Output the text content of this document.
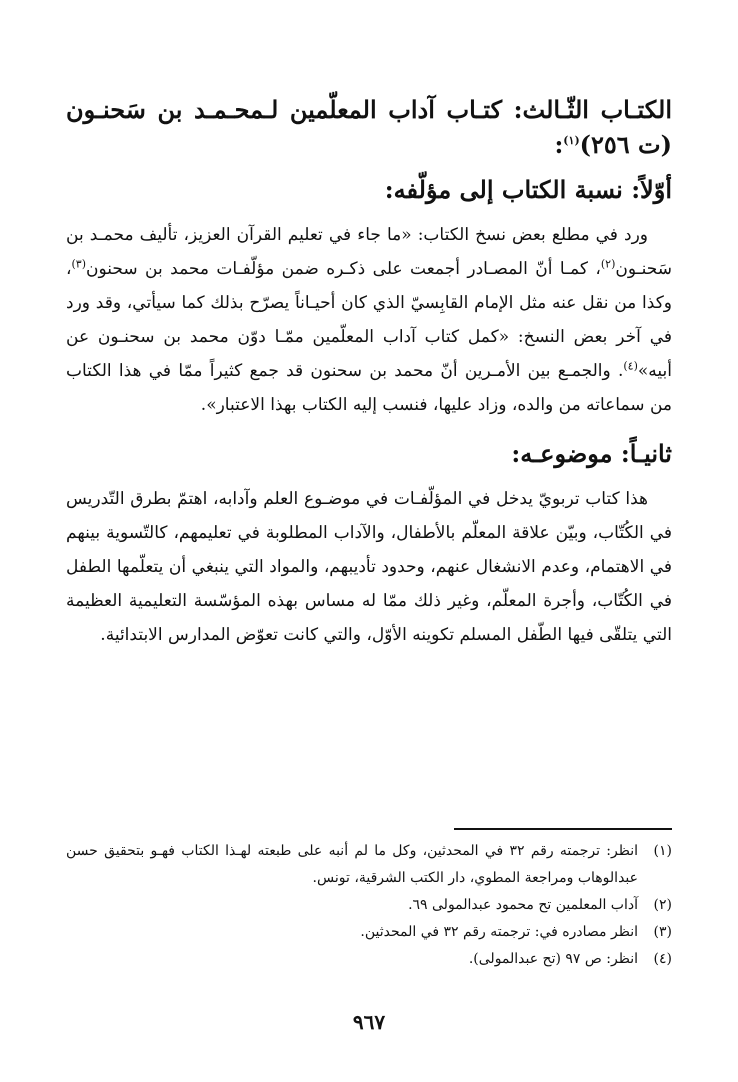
الكتـاب الثّـالث: كتـاب آداب المعلّمين لـمحـمـد بن سَحنـون

(ت ٢٥٦)$^{(١)}$:

أوّلاً: نسبة الكتاب إلى مؤلّفه:

ورد في مطلع بعض نسخ الكتاب: «ما جاء في تعليم القرآن العزيز، تأليف محمـد بن سَحنـون$^{(٢)}$، كمـا أنّ المصـادر أجمعت على ذكـره ضمن مؤلّفـات محمد بن سحنون$^{(٣)}$، وكذا من نقل عنه مثل الإمام القابِسيّ الذي كان أحيـاناً يصرّح بذلك كما سيأتي، وقد ورد في آخر بعض النسخ: «كمل كتاب آداب المعلّمين ممّـا دوّن محمد بن سحنـون عن أبيه»$^{(٤)}$. والجمـع بين الأمـرين أنّ محمد بن سحنون قد جمع كثيراً ممّا في هذا الكتاب من سماعاته من والده، وزاد عليها، فنسب إليه الكتاب بهذا الاعتبار».

ثانيـاً: موضوعـه:

هذا كتاب تربويّ يدخل في المؤلّفـات في موضـوع العلم وآدابه، اهتمّ بطرق التّدريس في الكُتّاب، وبيّن علاقة المعلّم بالأطفال، والآداب المطلوبة في تعليمهم، كالتّسوية بينهم في الاهتمام، وعدم الانشغال عنهم، وحدود تأديبهم، والمواد التي ينبغي أن يتعلّمها الطفل في الكُتّاب، وأجرة المعلّم، وغير ذلك ممّا له مساس بهذه المؤسّسة التعليمية العظيمة التي يتلقّى فيها الطّفل المسلم تكوينه الأوّل، والتي كانت تعوّض المدارس الابتدائية.

(١)
انظر: ترجمته رقم ٣٢ في المحدثين، وكل ما لم أنبه على طبعته لهـذا الكتاب فهـو بتحقيق حسن عبدالوهاب ومراجعة المطوي، دار الكتب الشرقية، تونس.

(٢)
آداب المعلمين تح محمود عبدالمولى ٦٩.

(٣)
انظر مصادره في: ترجمته رقم ٣٢ في المحدثين.

(٤)
انظر: ص ٩٧ (تح عبدالمولى).

٩٦٧
